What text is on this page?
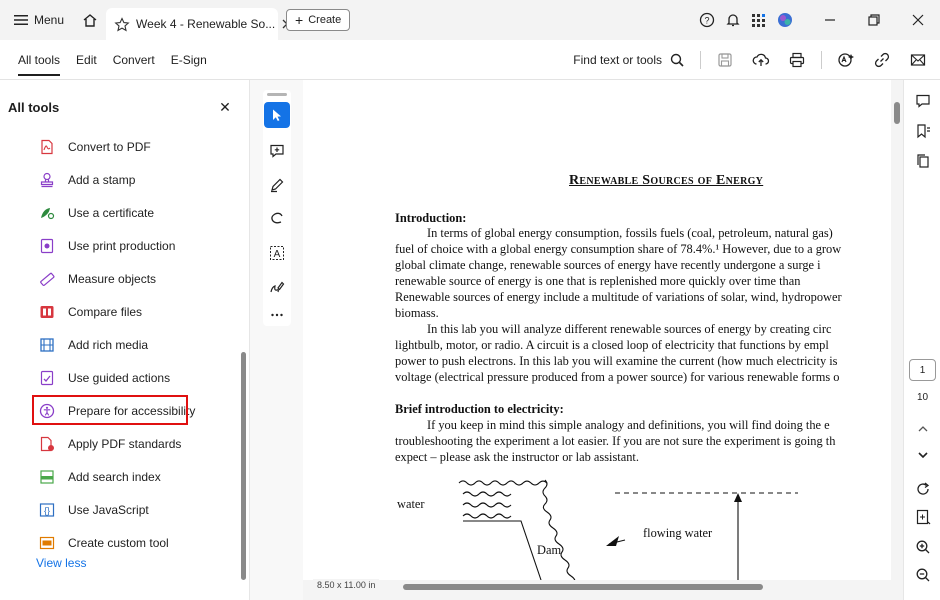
Menu	Week 4 - Renewable So... + Create	?
All tools	Edit	Convert	E-Sign	Find text or tools
All tools	✕
Convert to PDF
Add a stamp
Use a certificate
Use print production
Measure objects
Compare files
Add rich media
Use guided actions
Prepare for accessibility
Apply PDF standards
Add search index
{} Use JavaScript
Create custom tool
View less
A
Renewable Sources of Energy
Introduction:
In terms of global energy consumption, fossils fuels (coal, petroleum, natural gas)
fuel of choice with a global energy consumption share of 78.4%.¹ However, due to a grow
global climate change, renewable sources of energy have recently undergone a surge i
renewable source of energy is one that is replenished more quickly over time than
Renewable sources of energy include a multitude of variations of solar, wind, hydropower
biomass.
In this lab you will analyze different renewable sources of energy by creating circ
lightbulb, motor, or radio. A circuit is a closed loop of electricity that functions by empl
power to push electrons. In this lab you will examine the current (how much electricity is
voltage (electrical pressure produced from a power source) for various renewable forms o
Brief introduction to electricity:
If you keep in mind this simple analogy and definitions, you will find doing the e
troubleshooting the experiment a lot easier. If you are not sure the experiment is going th
expect – please ask the instructor or lab assistant.
water
Dam
flowing water
8.50 x 11.00 in
1
10
